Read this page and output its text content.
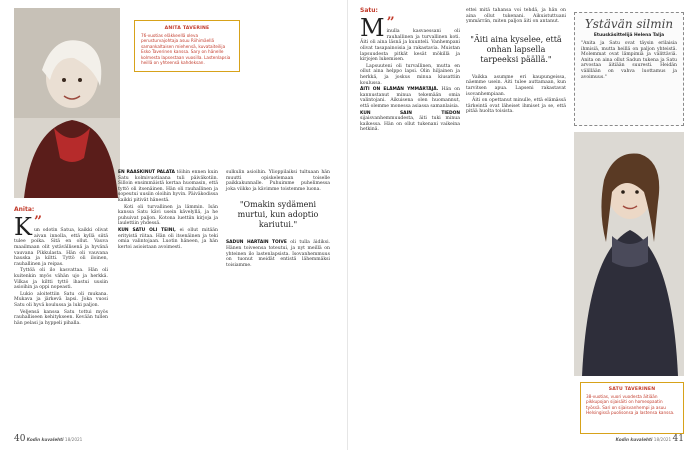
ANITA TAVERINE
76-vuotias eläkkeellä oleva perusturvajohtaja asuu Riihimäellä samankaltaisen miehensä, kuvataiteilija Esko Taverinen kanssa. Sary on hänelle kolmesta lapsestaan vuosilla. Lastenlapsia heillä on yhteensä kahdeksan.
Anita:
”
K un odotin Satua, kaikki olivat aivan innolla, että kyllä siitä tulee poika. Sitä en ollut. Vauva maailmaan olit ystävällisenä ja hyvänä vauvana Pikkulasta. Hän oli vauvana hauska ja kiltti. Tyttö oli iloinen, rauhallinen ja reipas.

Tyttöä oli ilo kasvattaa. Hän oli kuitenkin myös vähän ujo ja herkkä. Vilkas ja kiltti tyttö ihastui uusiin asioihin ja oppi nopeasti.

Lukio aloitettiin Satu oli mukana. Mukava ja järkevä lapsi. Joka vuosi Satu oli hyvä koulussa ja luki paljon.

Veljensä kanssa Satu tottui myös rauhalliseen kehitykseen. Kevään tullen hän pelasi ja hyppeli pihalla.

EN RAASKINUT PALATA töihin ennen kuin Satu kolmivuotiaana tuli päiväkotiin. Silloin ensimmäistä kertaa huomasin, että tyttö oli itsenäinen. Hän oli rauhallinen ja sopeutui uusiin oloihin hyvin. Päiväkodissa kaikki pitivät hänestä.

Koti oli turvallinen ja lämmin. Isän kanssa Satu kävi usein kävelyllä, ja he puhuivat paljon. Kotona luettiin kirjoja ja laulettiin yhdessä.

KUN SATU OLI TEINI, ei ollut mitään erityistä riitaa. Hän oli itsenäinen ja teki omia valintojaan. Luotin häneen, ja hän kertoi asioistaan avoimesti.

sulkulin asioihin. Ylioppilaiksi tultuaan hän muutti opiskelemaan toiselle paikkakunnalle. Puhuimme puhelimessa joka viikko ja kävimme toistemme luona.

"Omakin sydämeni murtui, kun adoptio kariutui."

SADUN HARTAIN TOIVE oli tulla äidiksi. Hänen toiveensa toteutui, ja nyt meillä on yhteinen ilo lastenlapsista. Isovanhemmuus on tuonut meidät entistä lähemmäksi toisiamme.

40 Kodin kuvalehti 18/2021
Satu:
”
M inulla kasvaessani oli rauhallinen ja turvallinen koti. Äiti oli aina läsnä ja kuunteli. Vanhempani olivat tasapainoisia ja rakastavia. Muistan lapsuudesta pitkät kesät mökillä ja kirjojen lukemisen.

Lapsuuteni oli turvallinen, mutta en ollut aina helppo lapsi. Olin hiljainen ja herkkä, ja joskus minua kiusattiin koulussa.

ÄITI ON ELÄMÄN YMMÄRTÄJÄ. Hän on kannustanut minua tekemään omia valintojani. Aikuisena olen huomannut, että olemme monessa asiassa samanlaisia.

KUN SAIN TIEDON sijaisvanhemmuudesta, äiti tuki minua kaikessa. Hän on ollut tukenani vaikeina hetkinä.

ettei mitä tahansa voi tehdä, ja hän on aina ollut tukenani. Aikuistuttuani ymmärrän, miten paljon äiti on antanut.

"Äiti aina kyselee, että onhan lapsella tarpeeksi päällä."

Vaikka asumme eri kaupungeissa, näemme usein. Äiti tulee auttamaan, kun tarvitsen apua. Lapseni rakastavat isovanhempiaan.

Äiti on opettanut minulle, että elämässä tärkeintä ovat läheiset ihmiset ja se, että pitää huolta toisista.

Ystävän silmin
Etuuskäsittelijä Helena Talja
"Anita ja Satu ovat täysin erilaisia ihmisiä, mutta heillä on paljon yhteistä. Molemmat ovat lämpimiä ja välittäviä. Anita on aina ollut Sadun tukena ja Satu arvostaa äitiään suuresti. Heidän välillään on vahva luottamus ja avoimuus."
SATU TAVERINEN
38-vuotias, vuori vuodesta äitiään pikkupojan sijaisäiti on homeopaatin työssä. Sari on sijaisvanhempi ja asuu Helsingissä puolisonsa ja lastensa kanssa.
Kodin kuvalehti 18/2021 41
